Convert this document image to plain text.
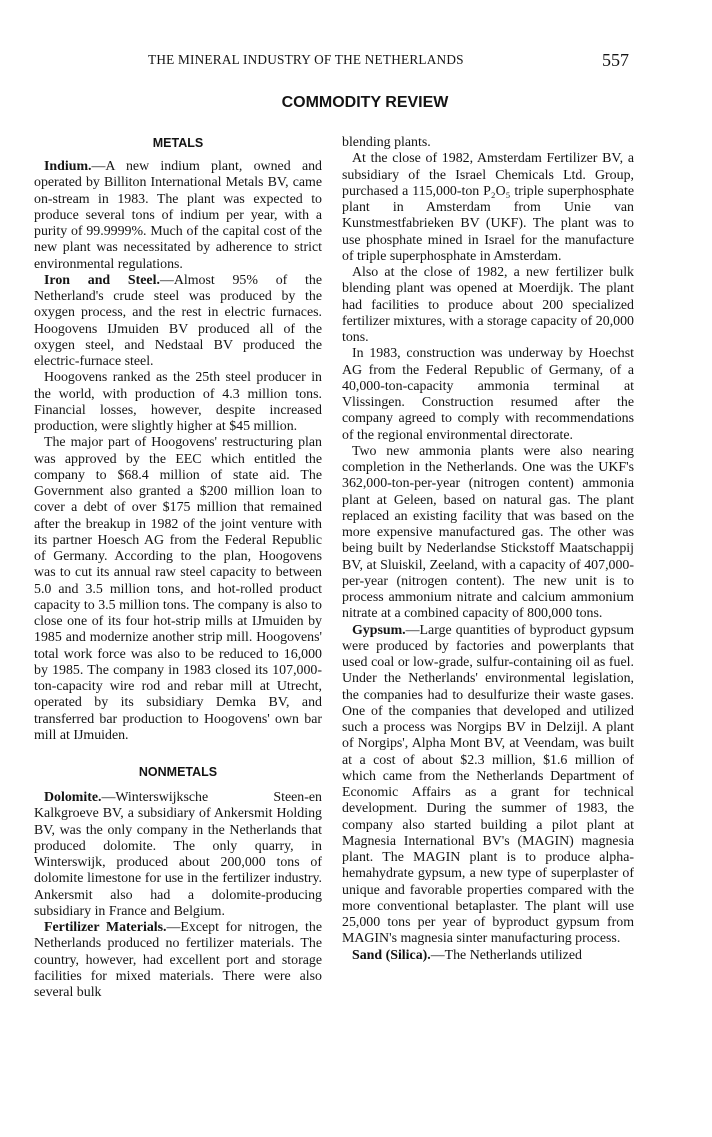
THE MINERAL INDUSTRY OF THE NETHERLANDS	557
COMMODITY REVIEW
METALS

Indium.—A new indium plant, owned and operated by Billiton International Metals BV, came on-stream in 1983. The plant was expected to produce several tons of indium per year, with a purity of 99.9999%. Much of the capital cost of the new plant was necessitated by adherence to strict environmental regulations.

Iron and Steel.—Almost 95% of the Netherland's crude steel was produced by the oxygen process, and the rest in electric furnaces. Hoogovens IJmuiden BV produced all of the oxygen steel, and Nedstaal BV produced the electric-furnace steel.

Hoogovens ranked as the 25th steel producer in the world, with production of 4.3 million tons. Financial losses, however, despite increased production, were slightly higher at $45 million.

The major part of Hoogovens' restructuring plan was approved by the EEC which entitled the company to $68.4 million of state aid. The Government also granted a $200 million loan to cover a debt of over $175 million that remained after the breakup in 1982 of the joint venture with its partner Hoesch AG from the Federal Republic of Germany. According to the plan, Hoogovens was to cut its annual raw steel capacity to between 5.0 and 3.5 million tons, and hot-rolled product capacity to 3.5 million tons. The company is also to close one of its four hot-strip mills at IJmuiden by 1985 and modernize another strip mill. Hoogovens' total work force was also to be reduced to 16,000 by 1985. The company in 1983 closed its 107,000-ton-capacity wire rod and rebar mill at Utrecht, operated by its subsidiary Demka BV, and transferred bar production to Hoogovens' own bar mill at IJmuiden.

NONMETALS

Dolomite.—Winterswijksche Steen-en Kalkgroeve BV, a subsidiary of Ankersmit Holding BV, was the only company in the Netherlands that produced dolomite. The only quarry, in Winterswijk, produced about 200,000 tons of dolomite limestone for use in the fertilizer industry. Ankersmit also had a dolomite-producing subsidiary in France and Belgium.

Fertilizer Materials.—Except for nitrogen, the Netherlands produced no fertilizer materials. The country, however, had excellent port and storage facilities for mixed materials. There were also several bulk

blending plants.

At the close of 1982, Amsterdam Fertilizer BV, a subsidiary of the Israel Chemicals Ltd. Group, purchased a 115,000-ton P₂O₅ triple superphosphate plant in Amsterdam from Unie van Kunstmestfabrieken BV (UKF). The plant was to use phosphate mined in Israel for the manufacture of triple superphosphate in Amsterdam.

Also at the close of 1982, a new fertilizer bulk blending plant was opened at Moerdijk. The plant had facilities to produce about 200 specialized fertilizer mixtures, with a storage capacity of 20,000 tons.

In 1983, construction was underway by Hoechst AG from the Federal Republic of Germany, of a 40,000-ton-capacity ammonia terminal at Vlissingen. Construction resumed after the company agreed to comply with recommendations of the regional environmental directorate.

Two new ammonia plants were also nearing completion in the Netherlands. One was the UKF's 362,000-ton-per-year (nitrogen content) ammonia plant at Geleen, based on natural gas. The plant replaced an existing facility that was based on the more expensive manufactured gas. The other was being built by Nederlandse Stickstoff Maatschappij BV, at Sluiskil, Zeeland, with a capacity of 407,000-per-year (nitrogen content). The new unit is to process ammonium nitrate and calcium ammonium nitrate at a combined capacity of 800,000 tons.

Gypsum.—Large quantities of byproduct gypsum were produced by factories and powerplants that used coal or low-grade, sulfur-containing oil as fuel. Under the Netherlands' environmental legislation, the companies had to desulfurize their waste gases. One of the companies that developed and utilized such a process was Norgips BV in Delzijl. A plant of Norgips', Alpha Mont BV, at Veendam, was built at a cost of about $2.3 million, $1.6 million of which came from the Netherlands Department of Economic Affairs as a grant for technical development. During the summer of 1983, the company also started building a pilot plant at Magnesia International BV's (MAGIN) magnesia plant. The MAGIN plant is to produce alpha-hemahydrate gypsum, a new type of superplaster of unique and favorable properties compared with the more conventional betaplaster. The plant will use 25,000 tons per year of byproduct gypsum from MAGIN's magnesia sinter manufacturing process.

Sand (Silica).—The Netherlands utilized
